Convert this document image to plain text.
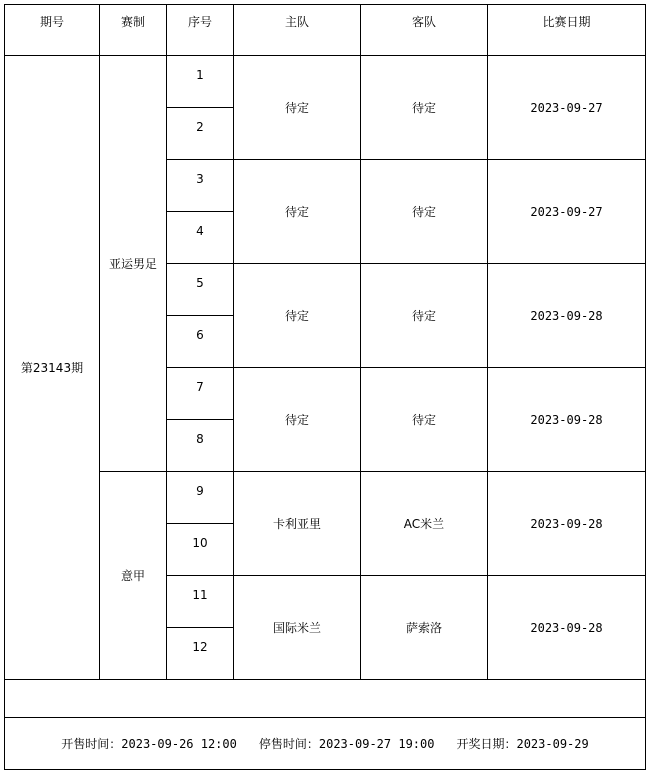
期号	赛制	序号	主队	客队	比赛日期
第23143期	亚运男足	1	待定	待定	2023-09-27

		2			

		3	待定	待定	2023-09-27

		4			

		5	待定	待定	2023-09-28

		6			

		7	待定	待定	2023-09-28

		8			

	意甲	9	卡利亚里	AC米兰	2023-09-28

		10			

		11	国际米兰	萨索洛	2023-09-28

		12			

开售时间：2023-09-26 12:00 停售时间：2023-09-27 19:00 开奖日期：2023-09-29					
